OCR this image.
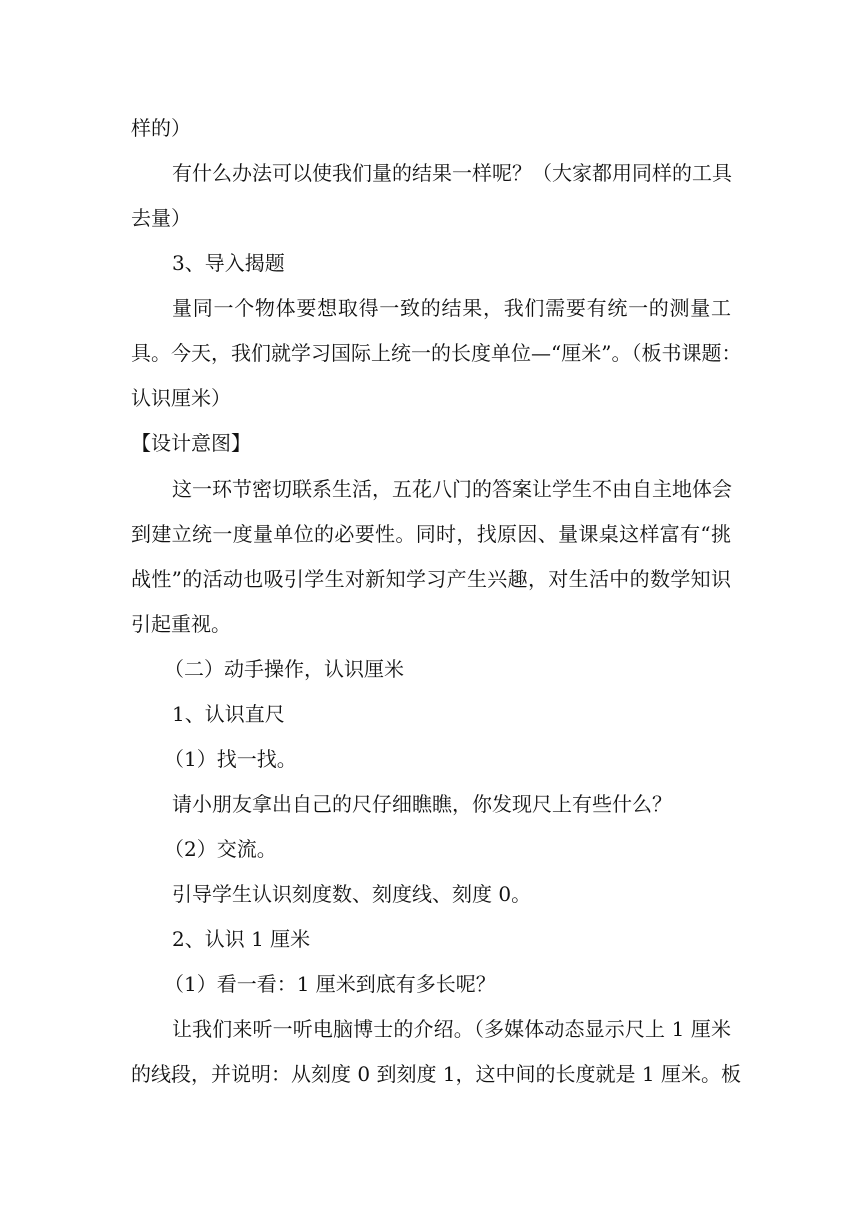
样的）
有什么办法可以使我们量的结果一样呢？（大家都用同样的工具
去量）
3、导入揭题
量同一个物体要想取得一致的结果，我们需要有统一的测量工
具。今天，我们就学习国际上统一的长度单位—“厘米”。（板书课题：
认识厘米）
【设计意图】
这一环节密切联系生活，五花八门的答案让学生不由自主地体会
到建立统一度量单位的必要性。同时，找原因、量课桌这样富有“挑
战性”的活动也吸引学生对新知学习产生兴趣，对生活中的数学知识
引起重视。
（二）动手操作，认识厘米
1、认识直尺
（1）找一找。
请小朋友拿出自己的尺仔细瞧瞧，你发现尺上有些什么？
（2）交流。
引导学生认识刻度数、刻度线、刻度 0。
2、认识 1 厘米
（1）看一看：1 厘米到底有多长呢？
让我们来听一听电脑博士的介绍。（多媒体动态显示尺上 1 厘米
的线段，并说明：从刻度 0 到刻度 1，这中间的长度就是 1 厘米。板
